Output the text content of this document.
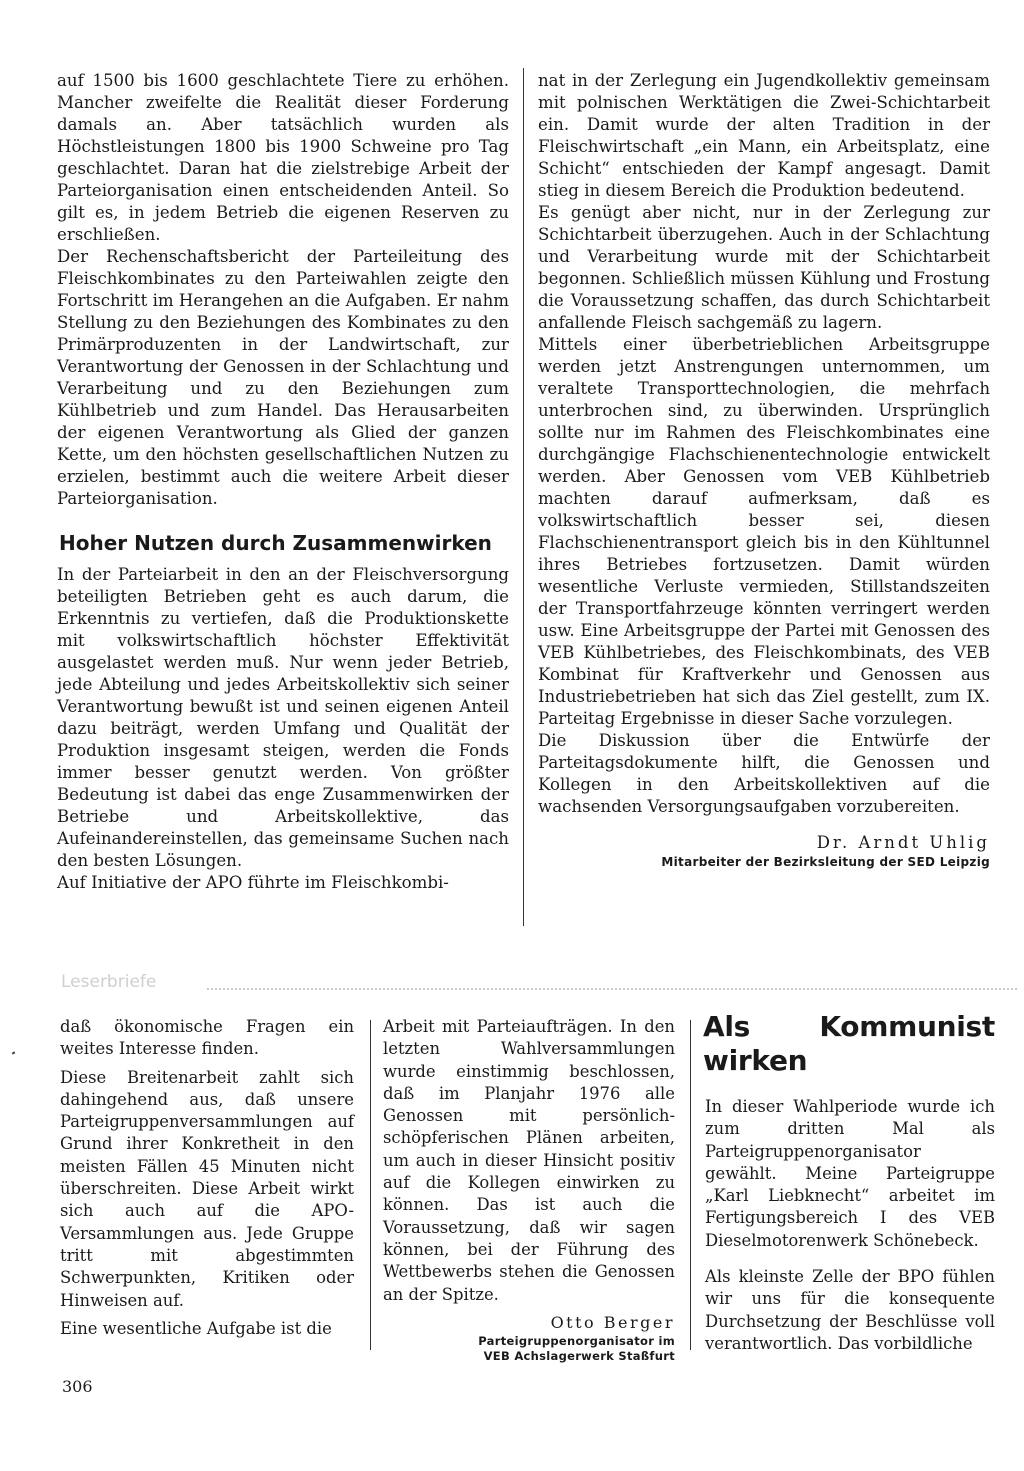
auf 1500 bis 1600 geschlachtete Tiere zu erhöhen. Mancher zweifelte die Realität dieser Forderung damals an. Aber tatsächlich wurden als Höchstleistungen 1800 bis 1900 Schweine pro Tag geschlachtet. Daran hat die zielstrebige Arbeit der Parteiorganisation einen entscheidenden Anteil. So gilt es, in jedem Betrieb die eigenen Reserven zu erschließen.

Der Rechenschaftsbericht der Parteileitung des Fleischkombinates zu den Parteiwahlen zeigte den Fortschritt im Herangehen an die Aufgaben. Er nahm Stellung zu den Beziehungen des Kombinates zu den Primärproduzenten in der Landwirtschaft, zur Verantwortung der Genossen in der Schlachtung und Verarbeitung und zu den Beziehungen zum Kühlbetrieb und zum Handel. Das Herausarbeiten der eigenen Verantwortung als Glied der ganzen Kette, um den höchsten gesellschaftlichen Nutzen zu erzielen, bestimmt auch die weitere Arbeit dieser Parteiorganisation.

Hoher Nutzen durch Zusammenwirken

In der Parteiarbeit in den an der Fleischversorgung beteiligten Betrieben geht es auch darum, die Erkenntnis zu vertiefen, daß die Produktionskette mit volkswirtschaftlich höchster Effektivität ausgelastet werden muß. Nur wenn jeder Betrieb, jede Abteilung und jedes Arbeitskollektiv sich seiner Verantwortung bewußt ist und seinen eigenen Anteil dazu beiträgt, werden Umfang und Qualität der Produktion insgesamt steigen, werden die Fonds immer besser genutzt werden. Von größter Bedeutung ist dabei das enge Zusammenwirken der Betriebe und Arbeitskollektive, das Aufeinandereinstellen, das gemeinsame Suchen nach den besten Lösungen.

Auf Initiative der APO führte im Fleischkombi-

nat in der Zerlegung ein Jugendkollektiv gemeinsam mit polnischen Werktätigen die Zwei-Schichtarbeit ein. Damit wurde der alten Tradition in der Fleischwirtschaft „ein Mann, ein Arbeitsplatz, eine Schicht“ entschieden der Kampf angesagt. Damit stieg in diesem Bereich die Produktion bedeutend.

Es genügt aber nicht, nur in der Zerlegung zur Schichtarbeit überzugehen. Auch in der Schlachtung und Verarbeitung wurde mit der Schichtarbeit begonnen. Schließlich müssen Kühlung und Frostung die Voraussetzung schaffen, das durch Schichtarbeit anfallende Fleisch sachgemäß zu lagern.

Mittels einer überbetrieblichen Arbeitsgruppe werden jetzt Anstrengungen unternommen, um veraltete Transporttechnologien, die mehrfach unterbrochen sind, zu überwinden. Ursprünglich sollte nur im Rahmen des Fleischkombinates eine durchgängige Flachschienentechnologie entwickelt werden. Aber Genossen vom VEB Kühlbetrieb machten darauf aufmerksam, daß es volkswirtschaftlich besser sei, diesen Flachschienentransport gleich bis in den Kühltunnel ihres Betriebes fortzusetzen. Damit würden wesentliche Verluste vermieden, Stillstandszeiten der Transportfahrzeuge könnten verringert werden usw. Eine Arbeitsgruppe der Partei mit Genossen des VEB Kühlbetriebes, des Fleischkombinats, des VEB Kombinat für Kraftverkehr und Genossen aus Industriebetrieben hat sich das Ziel gestellt, zum IX. Parteitag Ergebnisse in dieser Sache vorzulegen.

Die Diskussion über die Entwürfe der Parteitagsdokumente hilft, die Genossen und Kollegen in den Arbeitskollektiven auf die wachsenden Versorgungsaufgaben vorzubereiten.

Dr. Arndt Uhlig
Mitarbeiter der Bezirksleitung der SED Leipzig
Leserbriefe

daß ökonomische Fragen ein weites Interesse finden.

Diese Breitenarbeit zahlt sich dahingehend aus, daß unsere Parteigruppenversammlungen auf Grund ihrer Konkretheit in den meisten Fällen 45 Minuten nicht überschreiten. Diese Arbeit wirkt sich auch auf die APO-Versammlungen aus. Jede Gruppe tritt mit abgestimmten Schwerpunkten, Kritiken oder Hinweisen auf.

Eine wesentliche Aufgabe ist die

Arbeit mit Parteiaufträgen. In den letzten Wahlversammlungen wurde einstimmig beschlossen, daß im Planjahr 1976 alle Genossen mit persönlich-schöpferischen Plänen arbeiten, um auch in dieser Hinsicht positiv auf die Kollegen einwirken zu können. Das ist auch die Voraussetzung, daß wir sagen können, bei der Führung des Wettbewerbs stehen die Genossen an der Spitze.

Otto Berger
Parteigruppenorganisator im
VEB Achslagerwerk Staßfurt
Als Kommunist wirken

In dieser Wahlperiode wurde ich zum dritten Mal als Parteigruppenorganisator gewählt. Meine Parteigruppe „Karl Liebknecht“ arbeitet im Fertigungsbereich I des VEB Dieselmotorenwerk Schönebeck.

Als kleinste Zelle der BPO fühlen wir uns für die konsequente Durchsetzung der Beschlüsse voll verantwortlich. Das vorbildliche

306
